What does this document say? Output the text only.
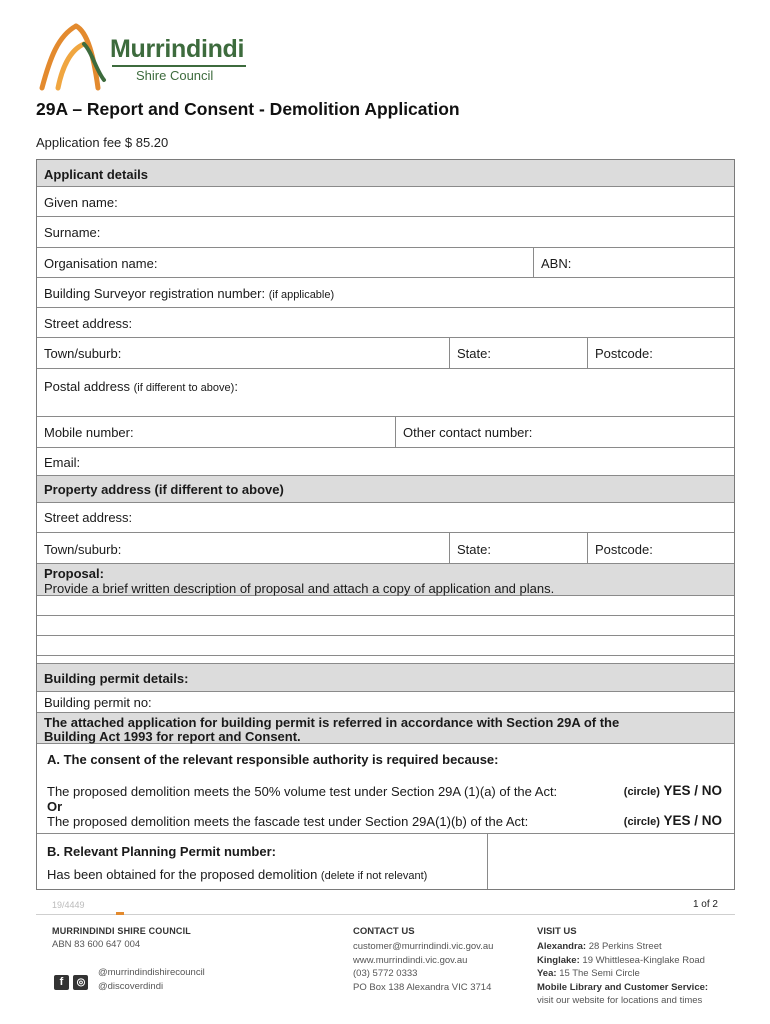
Murrindindi
Shire Council
29A – Report and Consent - Demolition Application
Application fee $ 85.20
Applicant details
Given name:
Surname:
Organisation name:	ABN:
Building Surveyor registration number: (if applicable)
Street address:
Town/suburb:	State:	Postcode:
Postal address (if different to above):
Mobile number:	Other contact number:
Email:
Property address (if different to above)
Street address:
Town/suburb:	State:	Postcode:
Proposal:
Provide a brief written description of proposal and attach a copy of application and plans.
Building permit details:
Building permit no:
The attached application for building permit is referred in accordance with Section 29A of the
Building Act 1993 for report and Consent.
A. The consent of the relevant responsible authority is required because:
The proposed demolition meets the 50% volume test under Section 29A (1)(a) of the Act:	(circle) YES / NO
Or
The proposed demolition meets the fascade test under Section 29A(1)(b) of the Act:	(circle) YES / NO
B. Relevant Planning Permit number:
Has been obtained for the proposed demolition (delete if not relevant)
19/4449	1 of 2
MURRINDINDI SHIRE COUNCIL
ABN 83 600 647 004
f ◎
@murrindindishirecouncil
@discoverdindi
CONTACT US
customer@murrindindi.vic.gov.au
www.murrindindi.vic.gov.au
(03) 5772 0333
PO Box 138 Alexandra VIC 3714
VISIT US
Alexandra: 28 Perkins Street
Kinglake: 19 Whittlesea-Kinglake Road
Yea: 15 The Semi Circle
Mobile Library and Customer Service:
visit our website for locations and times
